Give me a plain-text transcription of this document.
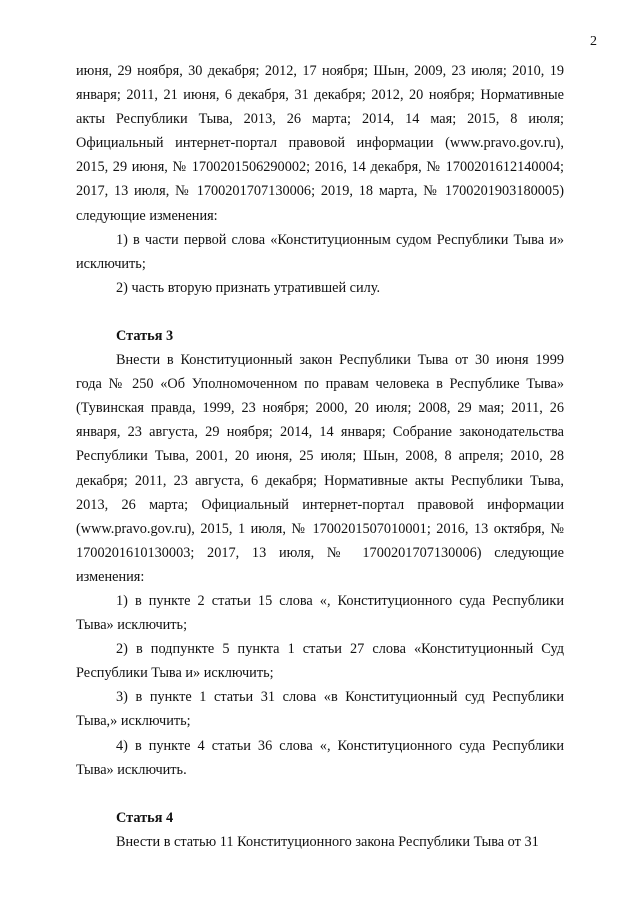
2

июня, 29 ноября, 30 декабря; 2012, 17 ноября; Шын, 2009, 23 июля; 2010, 19 января; 2011, 21 июня, 6 декабря, 31 декабря; 2012, 20 ноября; Нормативные акты Республики Тыва, 2013, 26 марта; 2014, 14 мая; 2015, 8 июля; Официальный интернет-портал правовой информации (www.pravo.gov.ru), 2015, 29 июня, № 1700201506290002; 2016, 14 декабря, № 1700201612140004; 2017, 13 июля, № 1700201707130006; 2019, 18 марта, № 1700201903180005) следующие изменения:

1) в части первой слова «Конституционным судом Республики Тыва и» исключить;

2) часть вторую признать утратившей силу.

Статья 3

Внести в Конституционный закон Республики Тыва от 30 июня 1999 года № 250 «Об Уполномоченном по правам человека в Республике Тыва» (Тувинская правда, 1999, 23 ноября; 2000, 20 июля; 2008, 29 мая; 2011, 26 января, 23 августа, 29 ноября; 2014, 14 января; Собрание законодательства Республики Тыва, 2001, 20 июня, 25 июля; Шын, 2008, 8 апреля; 2010, 28 декабря; 2011, 23 августа, 6 декабря; Нормативные акты Республики Тыва, 2013, 26 марта; Официальный интернет-портал правовой информации (www.pravo.gov.ru), 2015, 1 июля, № 1700201507010001; 2016, 13 октября, № 1700201610130003; 2017, 13 июля, № 1700201707130006) следующие изменения:

1) в пункте 2 статьи 15 слова «, Конституционного суда Республики Тыва» исключить;

2) в подпункте 5 пункта 1 статьи 27 слова «Конституционный Суд Республики Тыва и» исключить;

3) в пункте 1 статьи 31 слова «в Конституционный суд Республики Тыва,» исключить;

4) в пункте 4 статьи 36 слова «, Конституционного суда Республики Тыва» исключить.

Статья 4

Внести в статью 11 Конституционного закона Республики Тыва от 31
